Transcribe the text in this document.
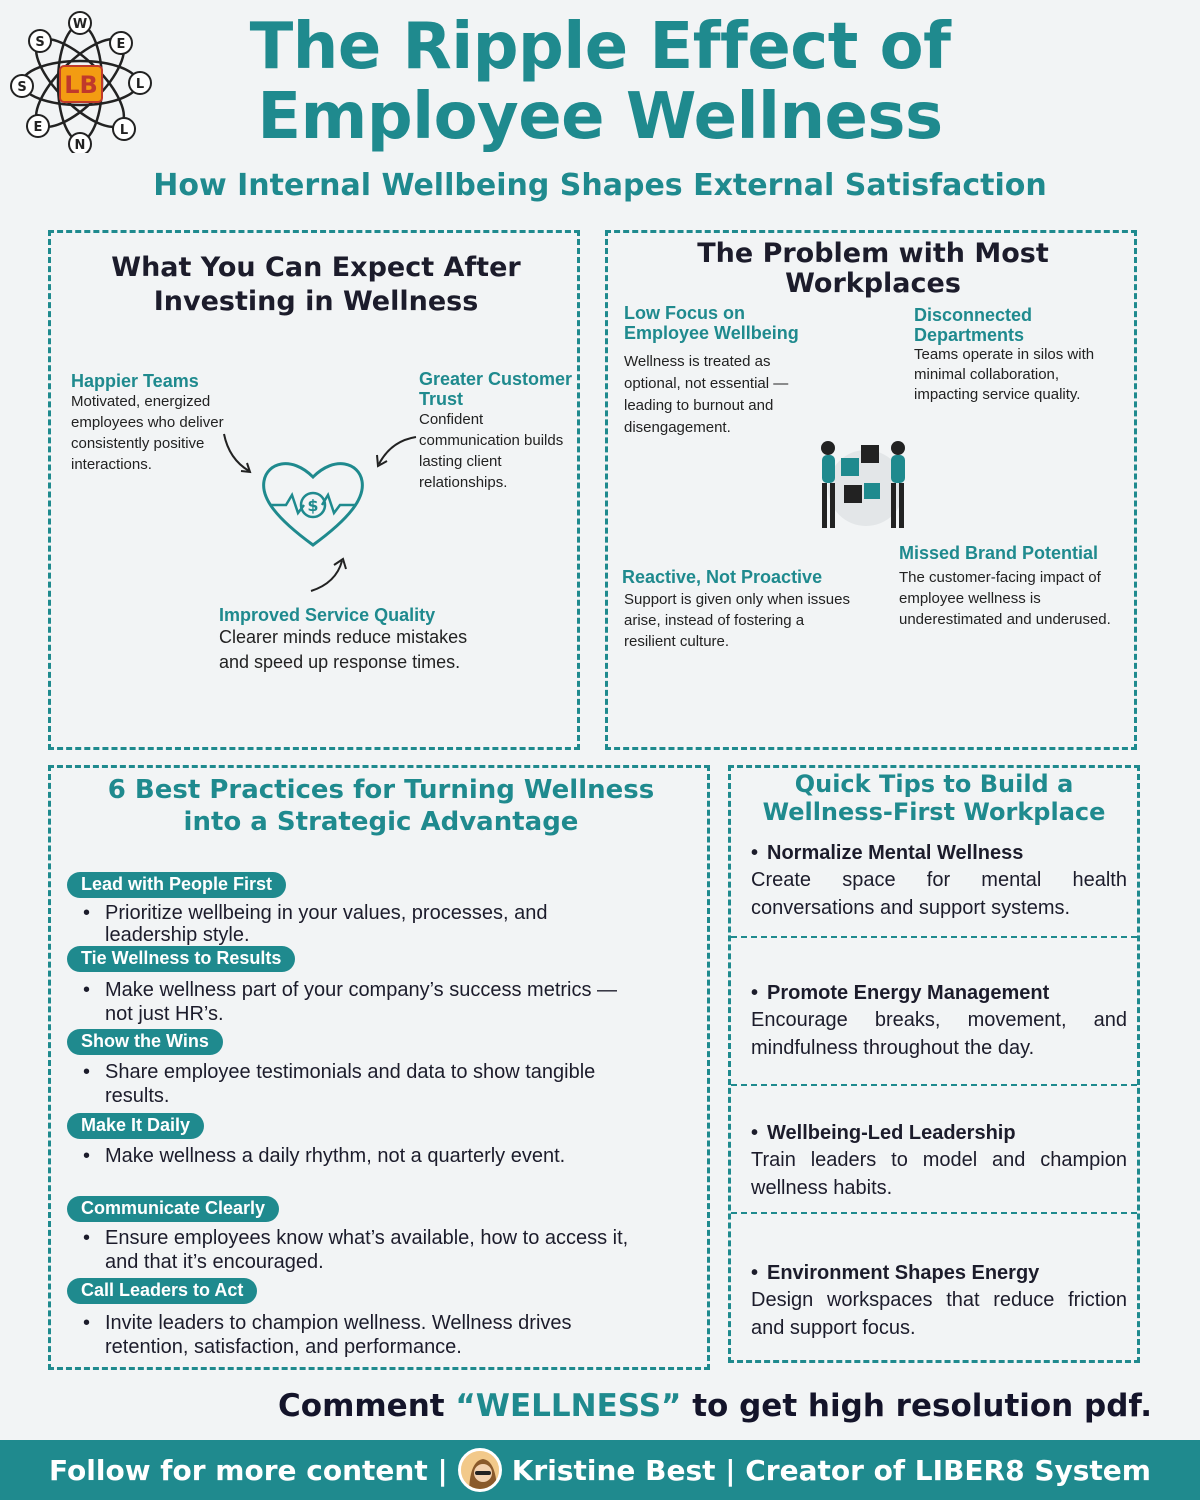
S
W
E
L
L
N
E
S LB
The Ripple Effect of
Employee Wellness
How Internal Wellbeing Shapes External Satisfaction
What You Can Expect After Investing in Wellness
Happier Teams
Motivated, energized employees who deliver consistently positive interactions.
Greater Customer Trust
Confident communication builds lasting client relationships.
Improved Service Quality
Clearer minds reduce mistakes and speed up response times.
$
The Problem with Most Workplaces
Low Focus on Employee Wellbeing
Wellness is treated as optional, not essential — leading to burnout and disengagement.
Disconnected Departments
Teams operate in silos with minimal collaboration, impacting service quality.
Reactive, Not Proactive
Support is given only when issues arise, instead of fostering a resilient culture.
Missed Brand Potential
The customer-facing impact of employee wellness is underestimated and underused.
6 Best Practices for Turning Wellness into a Strategic Advantage
Lead with People First
• Prioritize wellbeing in your values, processes, and leadership style.
Tie Wellness to Results
• Make wellness part of your company’s success metrics — not just HR’s.
Show the Wins
• Share employee testimonials and data to show tangible results.
Make It Daily
• Make wellness a daily rhythm, not a quarterly event.
Communicate Clearly
• Ensure employees know what’s available, how to access it, and that it’s encouraged.
Call Leaders to Act
• Invite leaders to champion wellness. Wellness drives retention, satisfaction, and performance.
Quick Tips to Build a Wellness-First Workplace
• Normalize Mental Wellness
Create space for mental health conversations and support systems.
• Promote Energy Management
Encourage breaks, movement, and mindfulness throughout the day.
• Wellbeing-Led Leadership
Train leaders to model and champion wellness habits.
• Environment Shapes Energy
Design workspaces that reduce friction and support focus.
Comment “WELLNESS” to get high resolution pdf.
Follow for more content | Kristine Best | Creator of LIBER8 System
